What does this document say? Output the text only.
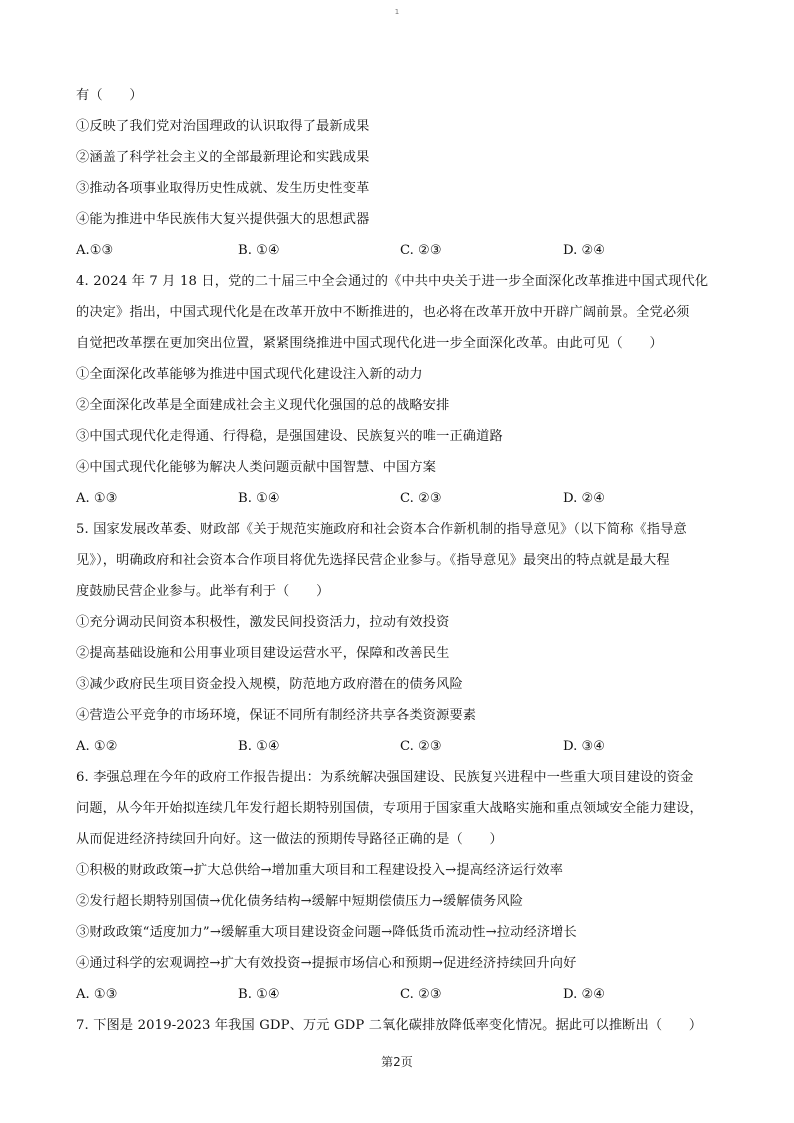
1
有（　　）
①反映了我们党对治国理政的认识取得了最新成果
②涵盖了科学社会主义的全部最新理论和实践成果
③推动各项事业取得历史性成就、发生历史性变革
④能为推进中华民族伟大复兴提供强大的思想武器
A.①③	B. ①④	C. ②③	D. ②④
4. 2024 年 7 月 18 日，党的二十届三中全会通过的《中共中央关于进一步全面深化改革推进中国式现代化
的决定》指出，中国式现代化是在改革开放中不断推进的，也必将在改革开放中开辟广阔前景。全党必须
自觉把改革摆在更加突出位置，紧紧围绕推进中国式现代化进一步全面深化改革。由此可见（　　）
①全面深化改革能够为推进中国式现代化建设注入新的动力
②全面深化改革是全面建成社会主义现代化强国的总的战略安排
③中国式现代化走得通、行得稳，是强国建设、民族复兴的唯一正确道路
④中国式现代化能够为解决人类问题贡献中国智慧、中国方案
A. ①③	B. ①④	C. ②③	D. ②④
5. 国家发展改革委、财政部《关于规范实施政府和社会资本合作新机制的指导意见》（以下简称《指导意
见》），明确政府和社会资本合作项目将优先选择民营企业参与。《指导意见》最突出的特点就是最大程
度鼓励民营企业参与。此举有利于（　　）
①充分调动民间资本积极性，激发民间投资活力，拉动有效投资
②提高基础设施和公用事业项目建设运营水平，保障和改善民生
③减少政府民生项目资金投入规模，防范地方政府潜在的债务风险
④营造公平竞争的市场环境，保证不同所有制经济共享各类资源要素
A. ①②	B. ①④	C. ②③	D. ③④
6. 李强总理在今年的政府工作报告提出：为系统解决强国建设、民族复兴进程中一些重大项目建设的资金
问题，从今年开始拟连续几年发行超长期特别国债，专项用于国家重大战略实施和重点领域安全能力建设，
从而促进经济持续回升向好。这一做法的预期传导路径正确的是（　　）
①积极的财政政策→扩大总供给→增加重大项目和工程建设投入→提高经济运行效率
②发行超长期特别国债→优化债务结构→缓解中短期偿债压力→缓解债务风险
③财政政策“适度加力”→缓解重大项目建设资金问题→降低货币流动性→拉动经济增长
④通过科学的宏观调控→扩大有效投资→提振市场信心和预期→促进经济持续回升向好
A. ①③	B. ①④	C. ②③	D. ②④
7. 下图是 2019-2023 年我国 GDP、万元 GDP 二氧化碳排放降低率变化情况。据此可以推断出（　　）
第2页
